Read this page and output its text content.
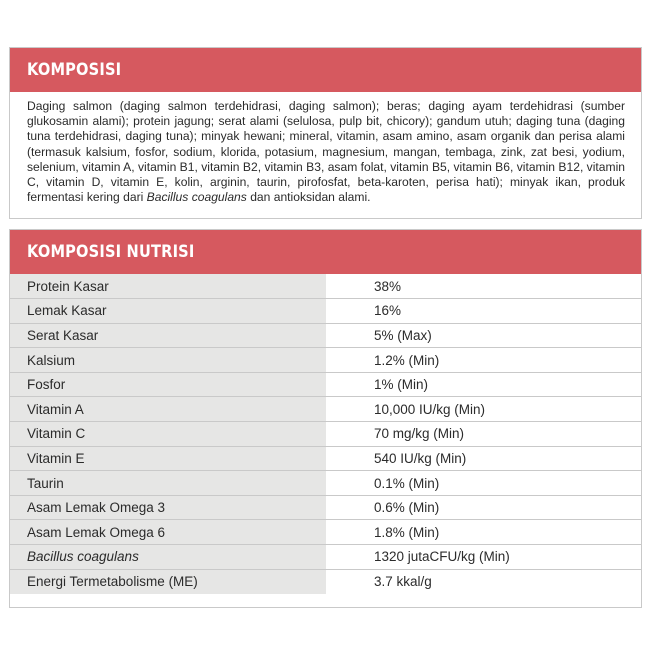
KOMPOSISI
Daging salmon (daging salmon terdehidrasi, daging salmon); beras; daging ayam terdehidrasi (sumber glukosamin alami); protein jagung; serat alami (selulosa, pulp bit, chicory); gandum utuh; daging tuna (daging tuna terdehidrasi, daging tuna); minyak hewani; mineral, vitamin, asam amino, asam organik dan perisa alami (termasuk kalsium, fosfor, sodium, klorida, potasium, magnesium, mangan, tembaga, zink, zat besi, yodium, selenium, vitamin A, vitamin B1, vitamin B2, vitamin B3, asam folat, vitamin B5, vitamin B6, vitamin B12, vitamin C, vitamin D, vitamin E, kolin, arginin, taurin, pirofosfat, beta-karoten, perisa hati); minyak ikan, produk fermentasi kering dari Bacillus coagulans dan antioksidan alami.
KOMPOSISI NUTRISI
Protein Kasar	38%
Lemak Kasar	16%
Serat Kasar	5% (Max)
Kalsium	1.2% (Min)
Fosfor	1% (Min)
Vitamin A	10,000 IU/kg (Min)
Vitamin C	70 mg/kg (Min)
Vitamin E	540 IU/kg (Min)
Taurin	0.1% (Min)
Asam Lemak Omega 3	0.6% (Min)
Asam Lemak Omega 6	1.8% (Min)
Bacillus coagulans	1320 jutaCFU/kg (Min)
Energi Termetabolisme (ME)	3.7 kkal/g
